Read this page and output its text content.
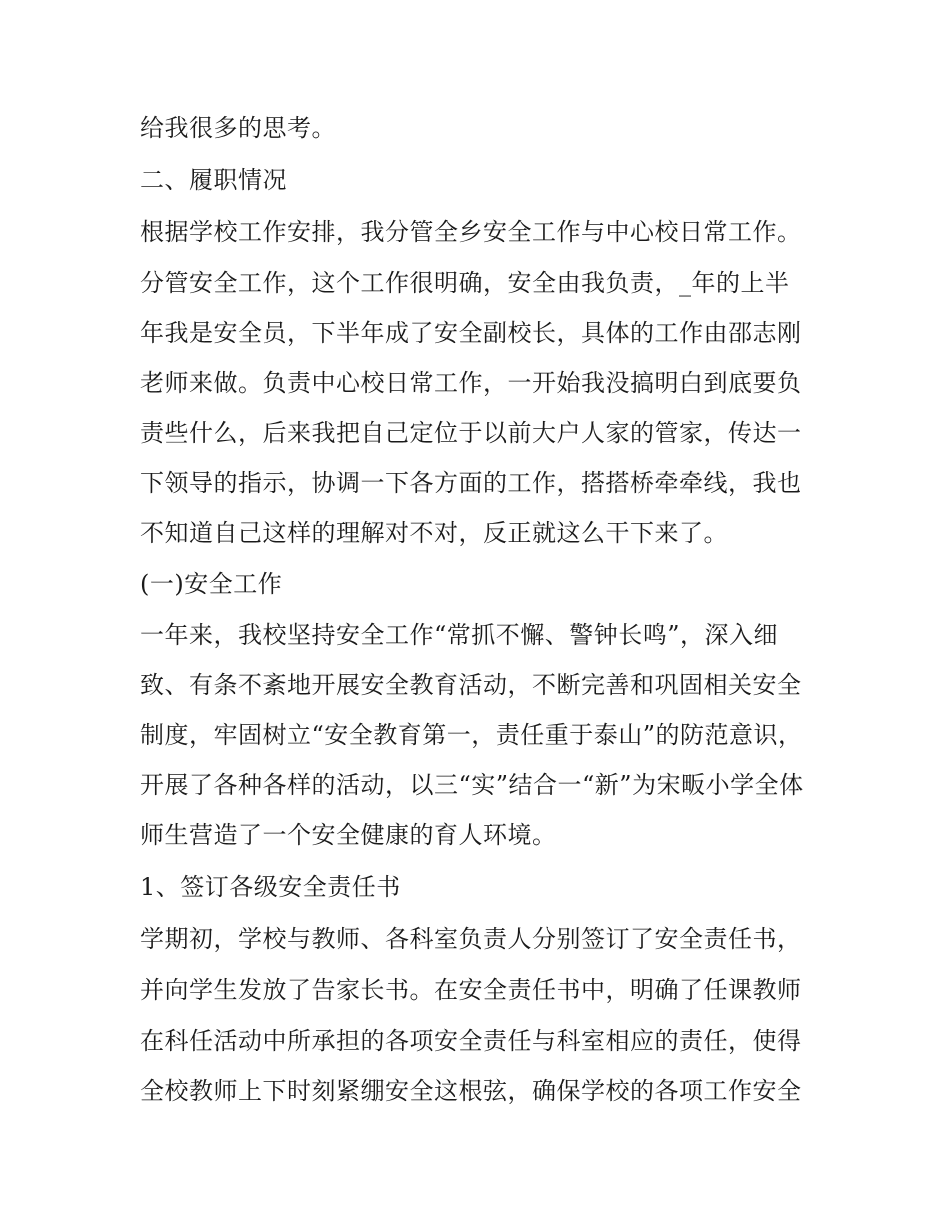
给我很多的思考。
二、履职情况
根据学校工作安排，我分管全乡安全工作与中心校日常工作。
分管安全工作，这个工作很明确，安全由我负责，_年的上半
年我是安全员，下半年成了安全副校长，具体的工作由邵志刚
老师来做。负责中心校日常工作，一开始我没搞明白到底要负
责些什么，后来我把自己定位于以前大户人家的管家，传达一
下领导的指示，协调一下各方面的工作，搭搭桥牵牵线，我也
不知道自己这样的理解对不对，反正就这么干下来了。
(一)安全工作
一年来，我校坚持安全工作“常抓不懈、警钟长鸣”，深入细
致、有条不紊地开展安全教育活动，不断完善和巩固相关安全
制度，牢固树立“安全教育第一，责任重于泰山”的防范意识，
开展了各种各样的活动，以三“实”结合一“新”为宋畈小学全体
师生营造了一个安全健康的育人环境。
1、签订各级安全责任书
学期初，学校与教师、各科室负责人分别签订了安全责任书，
并向学生发放了告家长书。在安全责任书中，明确了任课教师
在科任活动中所承担的各项安全责任与科室相应的责任，使得
全校教师上下时刻紧绷安全这根弦，确保学校的各项工作安全
